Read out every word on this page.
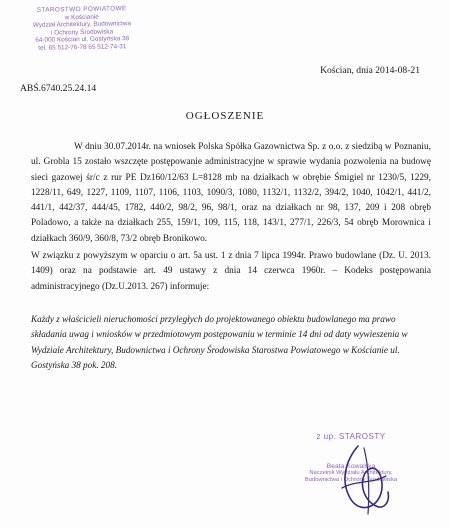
STAROSTWO POWIATOWE
w Kościanie
Wydział Architektury, Budownictwa
i Ochrony Środowiska
64-000 Kościan ul. Gostyńska 38
tel. 65 512-76-78 65 512-74-31
Kościan, dnia 2014-08-21
ABŚ.6740.25.24.14
OGŁOSZENIE

W dniu 30.07.2014r. na wniosek Polska Spółka Gazownictwa Sp. z o.o. z siedzibą w Poznaniu, ul. Grobla 15 zostało wszczęte postępowanie administracyjne w sprawie wydania pozwolenia na budowę sieci gazowej śr/c z rur PE Dz160/12/63 L=8128 mb na działkach w obrębie Śmigiel nr 1230/5, 1229, 1228/11, 649, 1227, 1109, 1107, 1106, 1103, 1090/3, 1080, 1132/1, 1132/2, 394/2, 1040, 1042/1, 441/2, 441/1, 442/37, 444/45, 1782, 440/2, 98/2, 96, 98/1, oraz na działkach nr 98, 137, 209 i 208 obręb Poladowo, a także na działkach 255, 159/1, 109, 115, 118, 143/1, 277/1, 226/3, 54 obręb Morownica i działkach 360/9, 360/8, 73/2 obręb Bronikowo.

W związku z powyższym w oparciu o art. 5a ust. 1 z dnia 7 lipca 1994r. Prawo budowlane (Dz. U. 2013. 1409) oraz na podstawie art. 49 ustawy z dnia 14 czerwca 1960r. – Kodeks postępowania administracyjnego (Dz.U.2013. 267) informuje:

Każdy z właścicieli nieruchomości przyległych do projektowanego obiektu budowlanego ma prawo składania uwag i wniosków w przedmiotowym postępowaniu w terminie 14 dni od daty wywieszenia w Wydziale Architektury, Budownictwa i Ochrony Środowiska Starostwa Powiatowego w Kościanie ul. Gostyńska 38 pok. 208.
z up. STAROSTY
Beata Kowalska
Naczelnik Wydziału Architektury,
Budownictwa i Ochrony Środowiska
